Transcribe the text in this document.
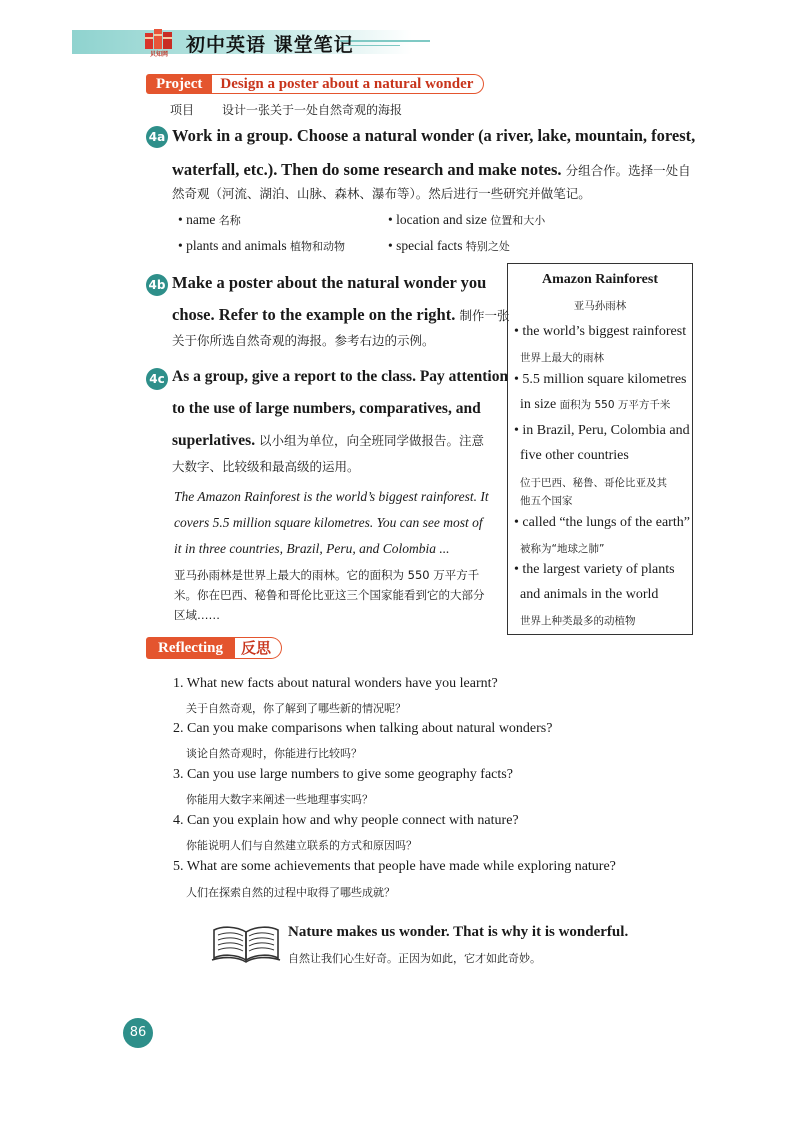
贝知网 初中英语 课堂笔记
Project	Design a poster about a natural wonder
项目 设计一张关于一处自然奇观的海报
4a Work in a group. Choose a natural wonder (a river, lake, mountain, forest,
waterfall, etc.). Then do some research and make notes. 分组合作。选择一处自
然奇观（河流、湖泊、山脉、森林、瀑布等）。然后进行一些研究并做笔记。
• name 名称	• location and size 位置和大小
• plants and animals 植物和动物	• special facts 特别之处
4b Make a poster about the natural wonder you
chose. Refer to the example on the right. 制作一张
关于你所选自然奇观的海报。参考右边的示例。
4c As a group, give a report to the class. Pay attention
to the use of large numbers, comparatives, and
superlatives. 以小组为单位，向全班同学做报告。注意
大数字、比较级和最高级的运用。
The Amazon Rainforest is the world’s biggest rainforest. It
covers 5.5 million square kilometres. You can see most of
it in three countries, Brazil, Peru, and Colombia ...
亚马孙雨林是世界上最大的雨林。它的面积为 550 万平方千
米。你在巴西、秘鲁和哥伦比亚这三个国家能看到它的大部分
区域……
Amazon Rainforest
亚马孙雨林
• the world’s biggest rainforest
世界上最大的雨林
• 5.5 million square kilometres
in size 面积为 550 万平方千米
• in Brazil, Peru, Colombia and
five other countries
位于巴西、秘鲁、哥伦比亚及其
他五个国家
• called “the lungs of the earth”
被称为“地球之肺”
• the largest variety of plants
and animals in the world
世界上种类最多的动植物
Reflecting	反思
1. What new facts about natural wonders have you learnt?
关于自然奇观，你了解到了哪些新的情况呢？
2. Can you make comparisons when talking about natural wonders?
谈论自然奇观时，你能进行比较吗？
3. Can you use large numbers to give some geography facts?
你能用大数字来阐述一些地理事实吗？
4. Can you explain how and why people connect with nature?
你能说明人们与自然建立联系的方式和原因吗？
5. What are some achievements that people have made while exploring nature?
人们在探索自然的过程中取得了哪些成就？
Nature makes us wonder. That is why it is wonderful.
自然让我们心生好奇。正因为如此，它才如此奇妙。
86
